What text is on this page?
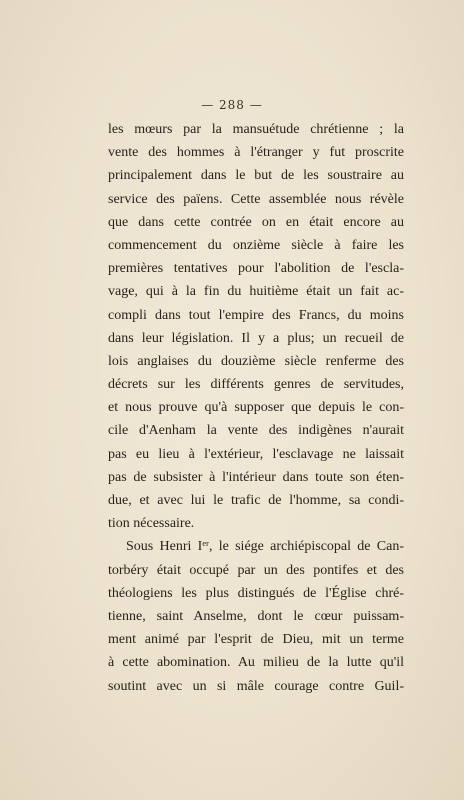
— 288 —
les mœurs par la mansuétude chrétienne ; la
vente des hommes à l'étranger y fut proscrite
principalement dans le but de les soustraire au
service des païens. Cette assemblée nous révèle
que dans cette contrée on en était encore au
commencement du onzième siècle à faire les
premières tentatives pour l'abolition de l'escla-
vage, qui à la fin du huitième était un fait ac-
compli dans tout l'empire des Francs, du moins
dans leur législation. Il y a plus; un recueil de
lois anglaises du douzième siècle renferme des
décrets sur les différents genres de servitudes,
et nous prouve qu'à supposer que depuis le con-
cile d'Aenham la vente des indigènes n'aurait
pas eu lieu à l'extérieur, l'esclavage ne laissait
pas de subsister à l'intérieur dans toute son éten-
due, et avec lui le trafic de l'homme, sa condi-
tion nécessaire.
Sous Henri Iᵉʳ, le siége archiépiscopal de Can-
torbéry était occupé par un des pontifes et des
théologiens les plus distingués de l'Église chré-
tienne, saint Anselme, dont le cœur puissam-
ment animé par l'esprit de Dieu, mit un terme
à cette abomination. Au milieu de la lutte qu'il
soutint avec un si mâle courage contre Guil-
